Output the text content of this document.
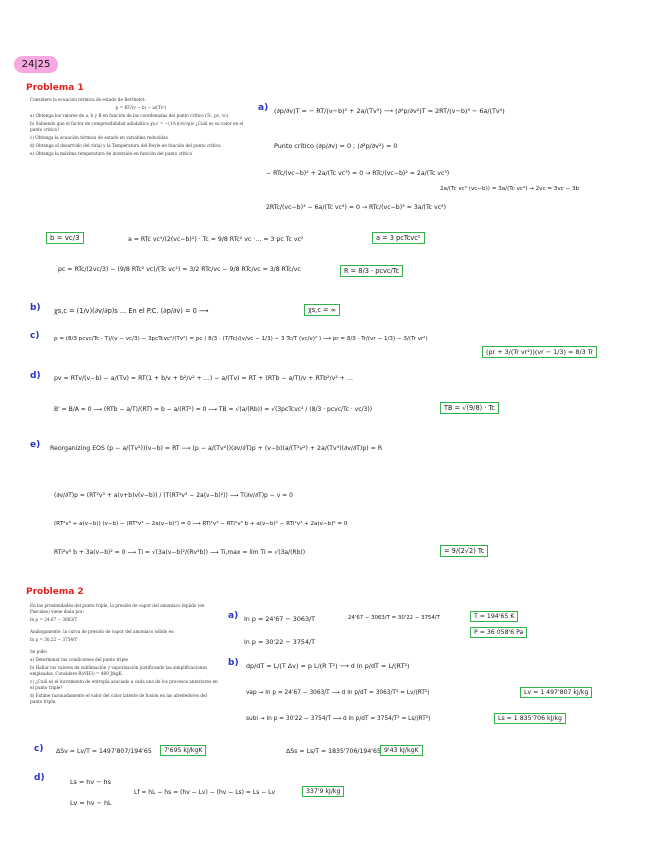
24|25
Problema 1
Considere la ecuación térmica de estado de Berthelot:
p = RT/(v − b) − a/(Tv²)
a) Obtenga los valores de a, b y R en función de las coordenadas del punto crítico (Tc, pc, vc).
b) Sabiendo que el factor de compresibilidad adiabática χs,c = −(1/v)(∂v/∂p)s ¿Cuál es su valor en el punto crítico?
c) Obtenga la ecuación térmica de estado en variables reducidas
d) Obtenga el desarrollo del virial y la Temperatura del Boyle en función del punto crítico.
e) Obtenga la máxima temperatura de inversión en función del punto crítico
a) (∂p/∂v)T = − RT/(v−b)² + 2a/(Tv³) ⟶ (∂²p/∂v²)T = 2RT/(v−b)³ − 6a/(Tv⁴)
Punto crítico (∂p/∂v) = 0 ; (∂²p/∂v²) = 0
− RTc/(vc−b)² + 2a/(Tc vc³) = 0 → RTc/(vc−b)² = 2a/(Tc vc³)
2RTc/(vc−b)³ − 6a/(Tc vc⁴) = 0 → RTc/(vc−b)³ = 3a/(Tc vc⁴)
2a/(Tc vc³ (vc−b)) = 3a/(Tc vc⁴) → 2vc = 3vc − 3b
b = vc/3	a = RTc vc³/(2(vc−b)²) · Tc = 9/8 RTc² vc ·… = 3 pc Tc vc²	a = 3 pcTcvc²
pc = RTc/(2vc/3) − (9/8 RTc² vc)/(Tc vc²) = 3/2 RTc/vc − 9/8 RTc/vc = 3/8 RTc/vc	R = 8/3 · pcvc/Tc
b) χs,c = (1/v)(∂v/∂p)s ... En el P.C. (∂p/∂v) = 0 ⟶	χs,c = ∞
c)	p = (8/3 pcvc/Tc · T)/(v − vc/3) − 3pcTcvc²/(Tv²) = pc ( 8/3 · (T/Tc)/(v/vc − 1/3) − 3 Tc/T (vc/v)² ) ⟶ pr = 8/3 · Tr/(vr − 1/3) − 3/(Tr vr²)
(pr + 3/(Tr vr²))(vr − 1/3) = 8/3 Tr
d) pv = RTv/(v−b) − a/(Tv) = RT(1 + b/v + b²/v² + …) − a/(Tv) = RT + (RTb − a/T)/v + RTb²/v² + …
B' = B/A = 0 ⟶ (RTb − a/T)/(RT) = b − a/(RT²) = 0 ⟶ TB = √(a/(Rb)) = √(3pcTcvc² / (8/3 · pcvc/Tc · vc/3))	TB = √(9/8) · Tc
e) Reorganizing EOS (p − a/(Tv²))(v−b) = RT ⟶ (p − a/(Tv²))(∂v/∂T)p + (v−b)(a/(T²v²) + 2a/(Tv³)(∂v/∂T)p) = R
(∂v/∂T)p = (RT²v³ + a(v+b)v(v−b)) / (T(RT²v³ − 2a(v−b)²)) ⟶ T(∂v/∂T)p − v = 0
(RT²v³ + a(v−b)) (v−b) − (RT²v³ − 2a(v−b)²) = 0 ⟶ RTi²v³ − RTi²v³ b + a(v−b)² − RTi²v³ + 2a(v−b)² = 0
RTi²v³ b + 3a(v−b)² = 0 ⟶ Ti = √(3a(v−b)²/(Rv³b)) ⟶ Ti,max = lim Ti = √(3a/(Rb))	= 9/(2√2) Tc
Problema 2
En las proximidades del punto triple, la presión de vapor del amoníaco líquido (en Pascales) viene dada por:
ln p = 24.67 − 3063/T
Análogamente, la curva de presión de vapor del amoníaco sólido es:
ln p = 30.22 − 3754/T
Se pide:
a) Determinar las condiciones del punto triple
b) Hallar los valores de sublimación y vaporización justificando las simplificaciones empleadas. Considere R(NH3) = 489 J/kgK.
c) ¿Cuál es el incremento de entropía asociado a cada uno de los procesos anteriores en el punto triple?
d) Estime razonadamente el valor del calor latente de fusión en las alrededores del punto triple.
a) ln p = 24'67 − 3063/T
ln p = 30'22 − 3754/T
24'67 − 3063/T = 30'22 − 3754/T	T = 194'65 K
P = 36 058'6 Pa
b) dp/dT = L/(T Δv) ≈ p L/(R T²) ⟶ d ln p/dT = L/(RT²)
vap → ln p = 24'67 − 3063/T ⟶ d ln p/dT = 3063/T² = Lv/(RT²)	Lv = 1 497'807 kJ/kg
subl → ln p = 30'22 − 3754/T ⟶ d ln p/dT = 3754/T² = Ls/(RT²)	Ls = 1 835'706 kJ/kg
c) ΔSv = Lv/T = 1497'807/194'65	7'695 kJ/kgK	ΔSs = Ls/T = 1835'706/194'65 9'43 kJ/kgK
d)	Ls = hv − hs
Lv = hv − hL
Lf = hL − hs = (hv − Lv) − (hv − Ls) = Ls − Lv	337'9 kJ/kg
